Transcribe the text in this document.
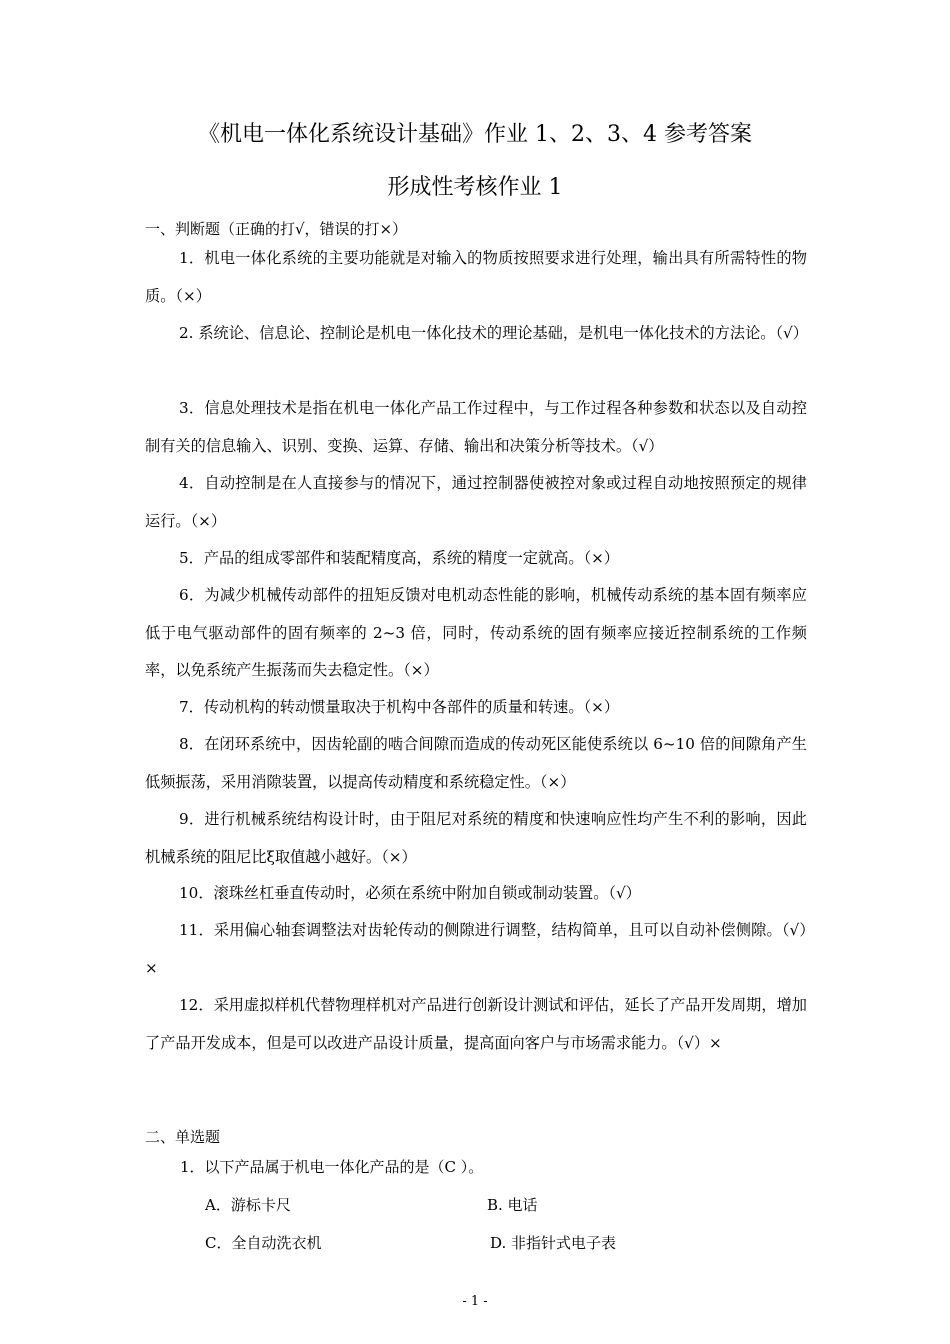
《机电一体化系统设计基础》作业 1、2、3、4 参考答案
形成性考核作业 1
一、判断题（正确的打√，错误的打×）

1．机电一体化系统的主要功能就是对输入的物质按照要求进行处理，输出具有所需特性的物质。（×）

2. 系统论、信息论、控制论是机电一体化技术的理论基础，是机电一体化技术的方法论。（√）

3．信息处理技术是指在机电一体化产品工作过程中，与工作过程各种参数和状态以及自动控制有关的信息输入、识别、变换、运算、存储、输出和决策分析等技术。（√）

4．自动控制是在人直接参与的情况下，通过控制器使被控对象或过程自动地按照预定的规律运行。（×）

5．产品的组成零部件和装配精度高，系统的精度一定就高。（×）

6．为减少机械传动部件的扭矩反馈对电机动态性能的影响，机械传动系统的基本固有频率应低于电气驱动部件的固有频率的 2~3 倍，同时，传动系统的固有频率应接近控制系统的工作频率，以免系统产生振荡而失去稳定性。（×）

7．传动机构的转动惯量取决于机构中各部件的质量和转速。（×）

8．在闭环系统中，因齿轮副的啮合间隙而造成的传动死区能使系统以 6~10 倍的间隙角产生低频振荡，采用消隙装置，以提高传动精度和系统稳定性。（×）

9．进行机械系统结构设计时，由于阻尼对系统的精度和快速响应性均产生不利的影响，因此机械系统的阻尼比ξ取值越小越好。（×）

10．滚珠丝杠垂直传动时，必须在系统中附加自锁或制动装置。（√）

11．采用偏心轴套调整法对齿轮传动的侧隙进行调整，结构简单，且可以自动补偿侧隙。（√）×

12．采用虚拟样机代替物理样机对产品进行创新设计测试和评估，延长了产品开发周期，增加了产品开发成本，但是可以改进产品设计质量，提高面向客户与市场需求能力。（√）×

二、单选题
1．以下产品属于机电一体化产品的是（C ）。
A．游标卡尺	B. 电话
C．全自动洗衣机	D. 非指针式电子表
- 1 -
